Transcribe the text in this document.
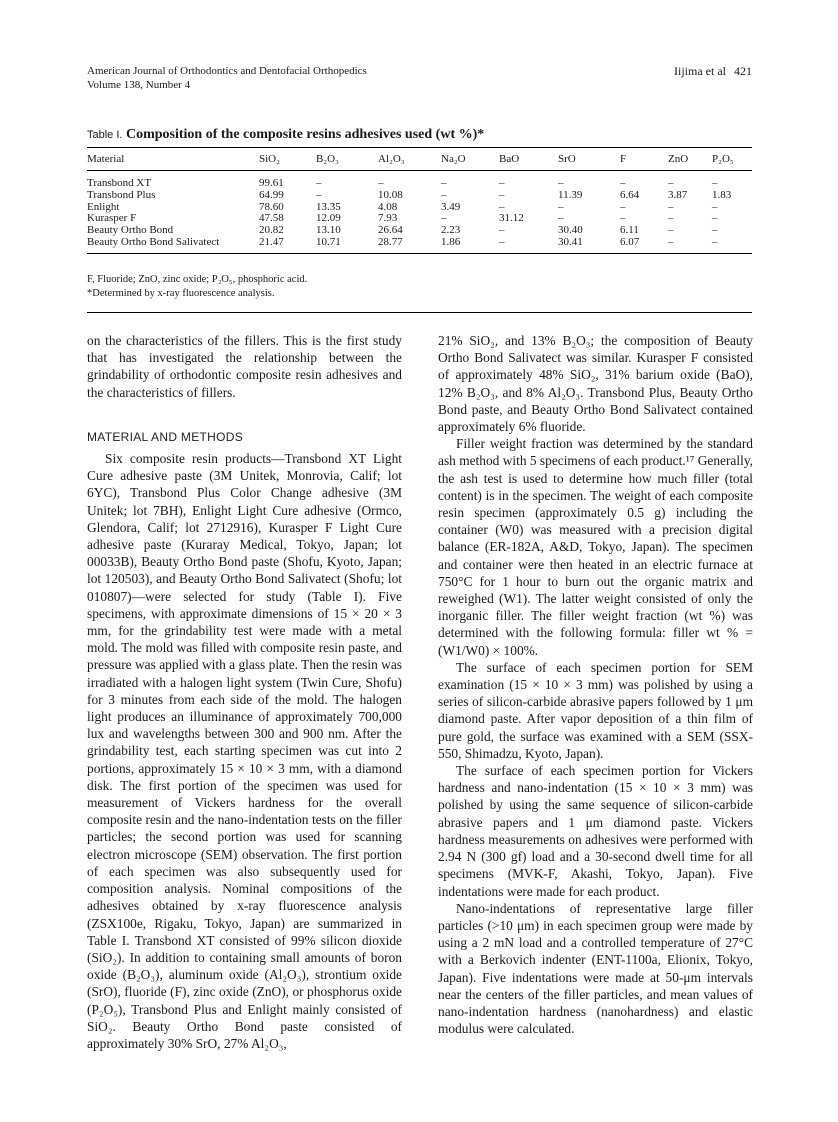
American Journal of Orthodontics and Dentofacial Orthopedics
Volume 138, Number 4
Iijima et al 421
Table I. Composition of the composite resins adhesives used (wt %)*
Material	SiO₂	B₂O₃	Al₂O₃	Na₂O	BaO	SrO	F	ZnO	P₂O₅
Transbond XT	99.61	–	–	–	–	–	–	–	–
Transbond Plus	64.99	–	10.08	–	–	11.39	6.64	3.87	1.83
Enlight	78.60	13.35	4.08	3.49	–	–	–	–	–
Kurasper F	47.58	12.09	7.93	–	31.12	–	–	–	–
Beauty Ortho Bond	20.82	13.10	26.64	2.23	–	30.40	6.11	–	–
Beauty Ortho Bond Salivatect	21.47	10.71	28.77	1.86	–	30.41	6.07	–	–
F, Fluoride; ZnO, zinc oxide; P₂O₅, phosphoric acid.
*Determined by x-ray fluorescence analysis.

on the characteristics of the fillers. This is the first study that has investigated the relationship between the grindability of orthodontic composite resin adhesives and the characteristics of fillers.

MATERIAL AND METHODS

Six composite resin products—Transbond XT Light Cure adhesive paste (3M Unitek, Monrovia, Calif; lot 6YC), Transbond Plus Color Change adhesive (3M Unitek; lot 7BH), Enlight Light Cure adhesive (Ormco, Glendora, Calif; lot 2712916), Kurasper F Light Cure adhesive paste (Kuraray Medical, Tokyo, Japan; lot 00033B), Beauty Ortho Bond paste (Shofu, Kyoto, Japan; lot 120503), and Beauty Ortho Bond Salivatect (Shofu; lot 010807)—were selected for study (Table I). Five specimens, with approximate dimensions of 15 × 20 × 3 mm, for the grindability test were made with a metal mold. The mold was filled with composite resin paste, and pressure was applied with a glass plate. Then the resin was irradiated with a halogen light system (Twin Cure, Shofu) for 3 minutes from each side of the mold. The halogen light produces an illuminance of approximately 700,000 lux and wavelengths between 300 and 900 nm. After the grindability test, each starting specimen was cut into 2 portions, approximately 15 × 10 × 3 mm, with a diamond disk. The first portion of the specimen was used for measurement of Vickers hardness for the overall composite resin and the nano-indentation tests on the filler particles; the second portion was used for scanning electron microscope (SEM) observation. The first portion of each specimen was also subsequently used for composition analysis. Nominal compositions of the adhesives obtained by x-ray fluorescence analysis (ZSX100e, Rigaku, Tokyo, Japan) are summarized in Table I. Transbond XT consisted of 99% silicon dioxide (SiO₂). In addition to containing small amounts of boron oxide (B₂O₃), aluminum oxide (Al₂O₃), strontium oxide (SrO), fluoride (F), zinc oxide (ZnO), or phosphorus oxide (P₂O₅), Transbond Plus and Enlight mainly consisted of SiO₂. Beauty Ortho Bond paste consisted of approximately 30% SrO, 27% Al₂O₃,

21% SiO₂, and 13% B₂O₃; the composition of Beauty Ortho Bond Salivatect was similar. Kurasper F consisted of approximately 48% SiO₂, 31% barium oxide (BaO), 12% B₂O₃, and 8% Al₂O₃. Transbond Plus, Beauty Ortho Bond paste, and Beauty Ortho Bond Salivatect contained approximately 6% fluoride.

Filler weight fraction was determined by the standard ash method with 5 specimens of each product.¹⁷ Generally, the ash test is used to determine how much filler (total content) is in the specimen. The weight of each composite resin specimen (approximately 0.5 g) including the container (W0) was measured with a precision digital balance (ER-182A, A&D, Tokyo, Japan). The specimen and container were then heated in an electric furnace at 750°C for 1 hour to burn out the organic matrix and reweighed (W1). The latter weight consisted of only the inorganic filler. The filler weight fraction (wt %) was determined with the following formula: filler wt % = (W1/W0) × 100%.

The surface of each specimen portion for SEM examination (15 × 10 × 3 mm) was polished by using a series of silicon-carbide abrasive papers followed by 1 μm diamond paste. After vapor deposition of a thin film of pure gold, the surface was examined with a SEM (SSX-550, Shimadzu, Kyoto, Japan).

The surface of each specimen portion for Vickers hardness and nano-indentation (15 × 10 × 3 mm) was polished by using the same sequence of silicon-carbide abrasive papers and 1 μm diamond paste. Vickers hardness measurements on adhesives were performed with 2.94 N (300 gf) load and a 30-second dwell time for all specimens (MVK-F, Akashi, Tokyo, Japan). Five indentations were made for each product.

Nano-indentations of representative large filler particles (>10 μm) in each specimen group were made by using a 2 mN load and a controlled temperature of 27°C with a Berkovich indenter (ENT-1100a, Elionix, Tokyo, Japan). Five indentations were made at 50-μm intervals near the centers of the filler particles, and mean values of nano-indentation hardness (nanohardness) and elastic modulus were calculated.
